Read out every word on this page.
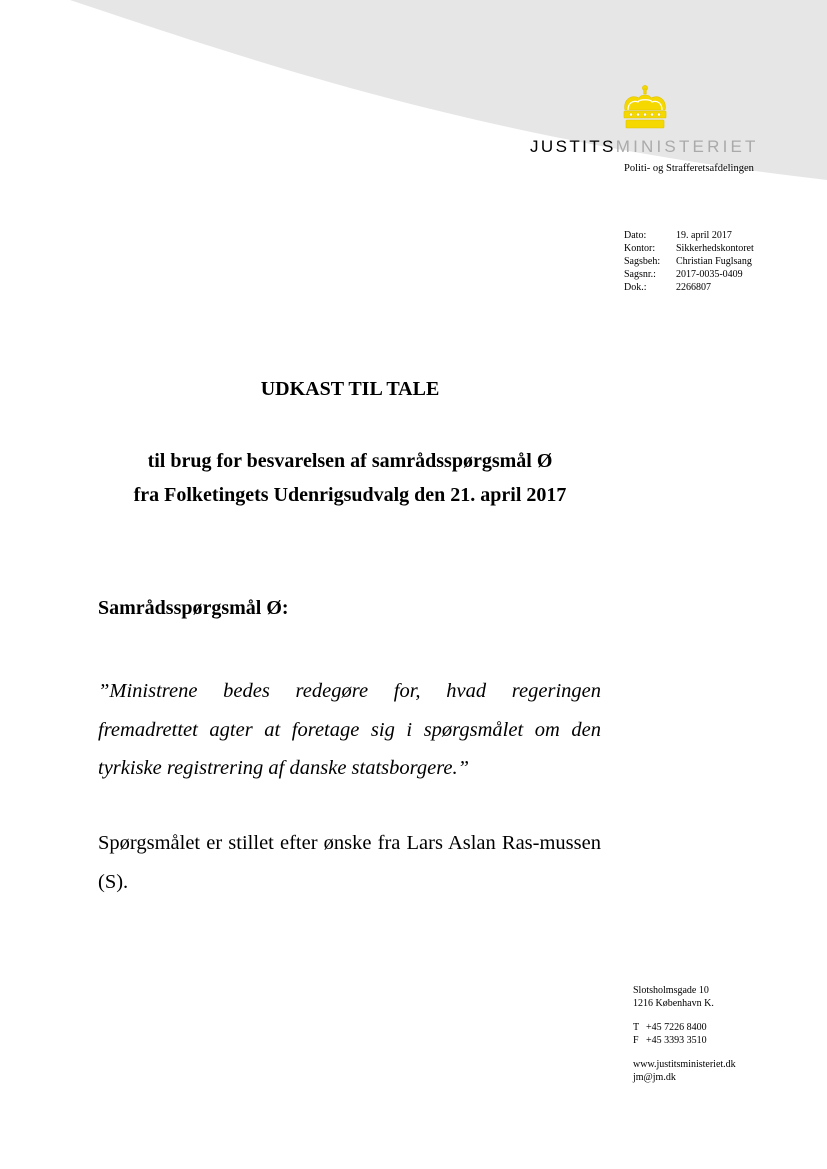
JUSTITSMINISTERIET
Politi- og Strafferetsafdelingen
Dato:	19. april 2017
Kontor:	Sikkerhedskontoret
Sagsbeh:	Christian Fuglsang
Sagsnr.:	2017-0035-0409
Dok.:	2266807
UDKAST TIL TALE
til brug for besvarelsen af samrådsspørgsmål Ø
fra Folketingets Udenrigsudvalg den 21. april 2017
Samrådsspørgsmål Ø:

”Ministrene bedes redegøre for, hvad regeringen fremadrettet agter at foretage sig i spørgsmålet om den tyrkiske registrering af danske statsborgere.”

Spørgsmålet er stillet efter ønske fra Lars Aslan Ras-mussen (S).

Slotsholmsgade 10
1216 København K.
T +45 7226 8400
F +45 3393 3510
www.justitsministeriet.dk
jm@jm.dk
